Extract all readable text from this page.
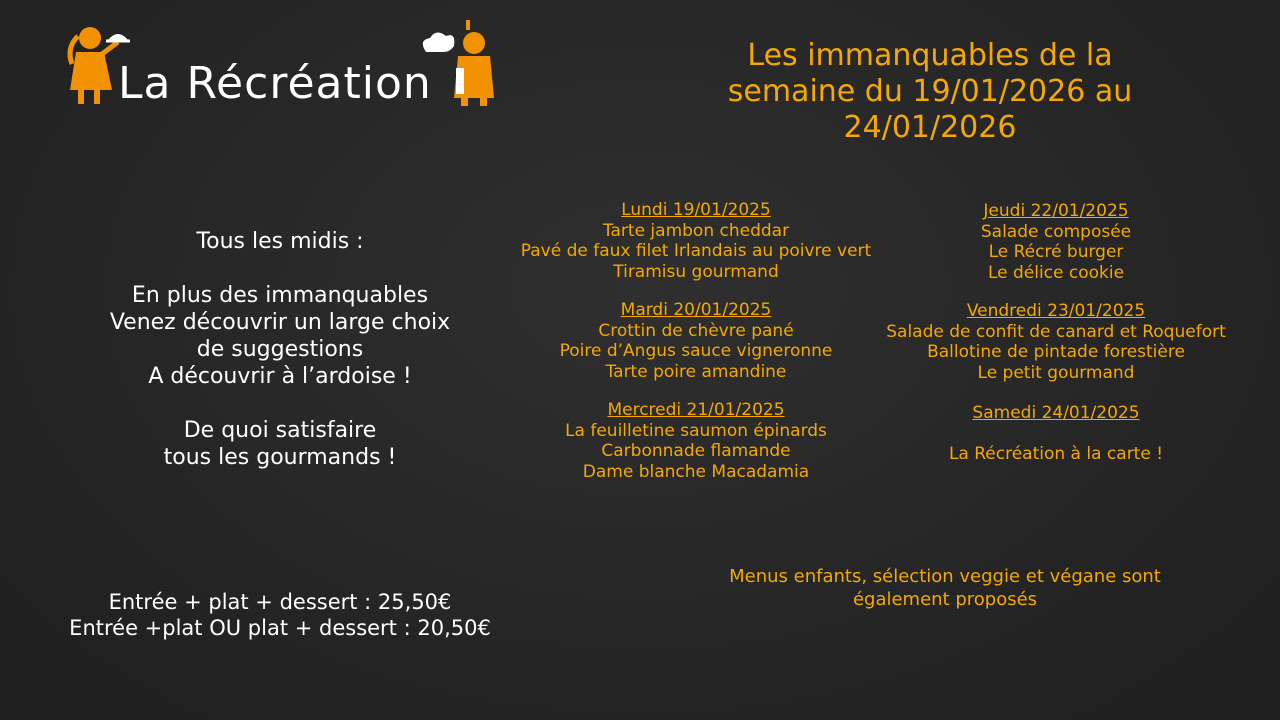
La Récréation
Les immanquables de la
semaine du 19/01/2026 au
24/01/2026
Tous les midis :
En plus des immanquables
Venez découvrir un large choix
de suggestions
A découvrir à l’ardoise !
De quoi satisfaire
tous les gourmands !
Lundi 19/01/2025
Tarte jambon cheddar
Pavé de faux filet Irlandais au poivre vert
Tiramisu gourmand
Mardi 20/01/2025
Crottin de chèvre pané
Poire d’Angus sauce vigneronne
Tarte poire amandine
Mercredi 21/01/2025
La feuilletine saumon épinards
Carbonnade flamande
Dame blanche Macadamia
Jeudi 22/01/2025
Salade composée
Le Récré burger
Le délice cookie
Vendredi 23/01/2025
Salade de confit de canard et Roquefort
Ballotine de pintade forestière
Le petit gourmand
Samedi 24/01/2025
La Récréation à la carte !
Entrée + plat + dessert : 25,50€
Entrée +plat OU plat + dessert : 20,50€
Menus enfants, sélection veggie et végane sont
également proposés
